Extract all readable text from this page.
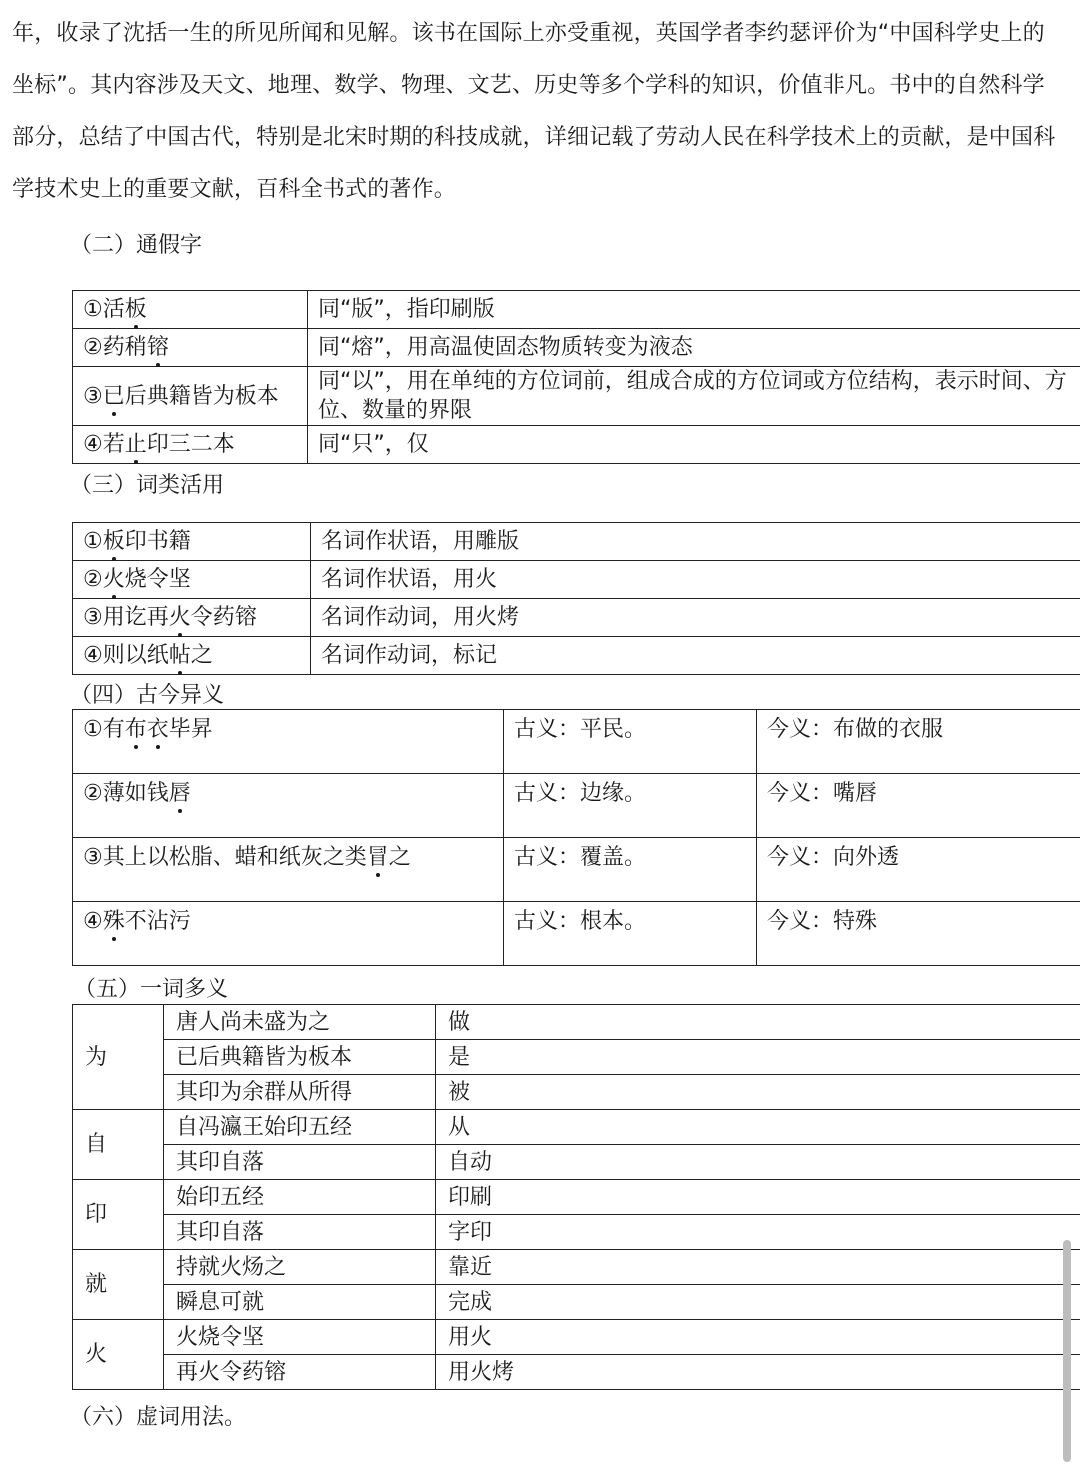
年，收录了沈括一生的所见所闻和见解。该书在国际上亦受重视，英国学者李约瑟评价为“中国科学史上的
坐标”。其内容涉及天文、地理、数学、物理、文艺、历史等多个学科的知识，价值非凡。书中的自然科学
部分，总结了中国古代，特别是北宋时期的科技成就，详细记载了劳动人民在科学技术上的贡献，是中国科
学技术史上的重要文献，百科全书式的著作。
（二）通假字
①活板	同“版”，指印刷版
②药稍镕	同“熔”，用高温使固态物质转变为液态
③已后典籍皆为板本	同“以”，用在单纯的方位词前，组成合成的方位词或方位结构，表示时间、方位、数量的界限
④若止印三二本	同“只”，仅
（三）词类活用
①板印书籍	名词作状语，用雕版
②火烧令坚	名词作状语，用火
③用讫再火令药镕	名词作动词，用火烤
④则以纸帖之	名词作动词，标记
（四）古今异义
①有布衣毕昇	古义：平民。	今义：布做的衣服
②薄如钱唇	古义：边缘。	今义：嘴唇
③其上以松脂、蜡和纸灰之类冒之	古义：覆盖。	今义：向外透
④殊不沾污	古义：根本。	今义：特殊
（五）一词多义
为	唐人尚未盛为之	做
	已后典籍皆为板本	是
	其印为余群从所得	被
自	自冯瀛王始印五经	从
	其印自落	自动
印	始印五经	印刷
	其印自落	字印
就	持就火炀之	靠近
	瞬息可就	完成
火	火烧令坚	用火
	再火令药镕	用火烤
（六）虚词用法。
